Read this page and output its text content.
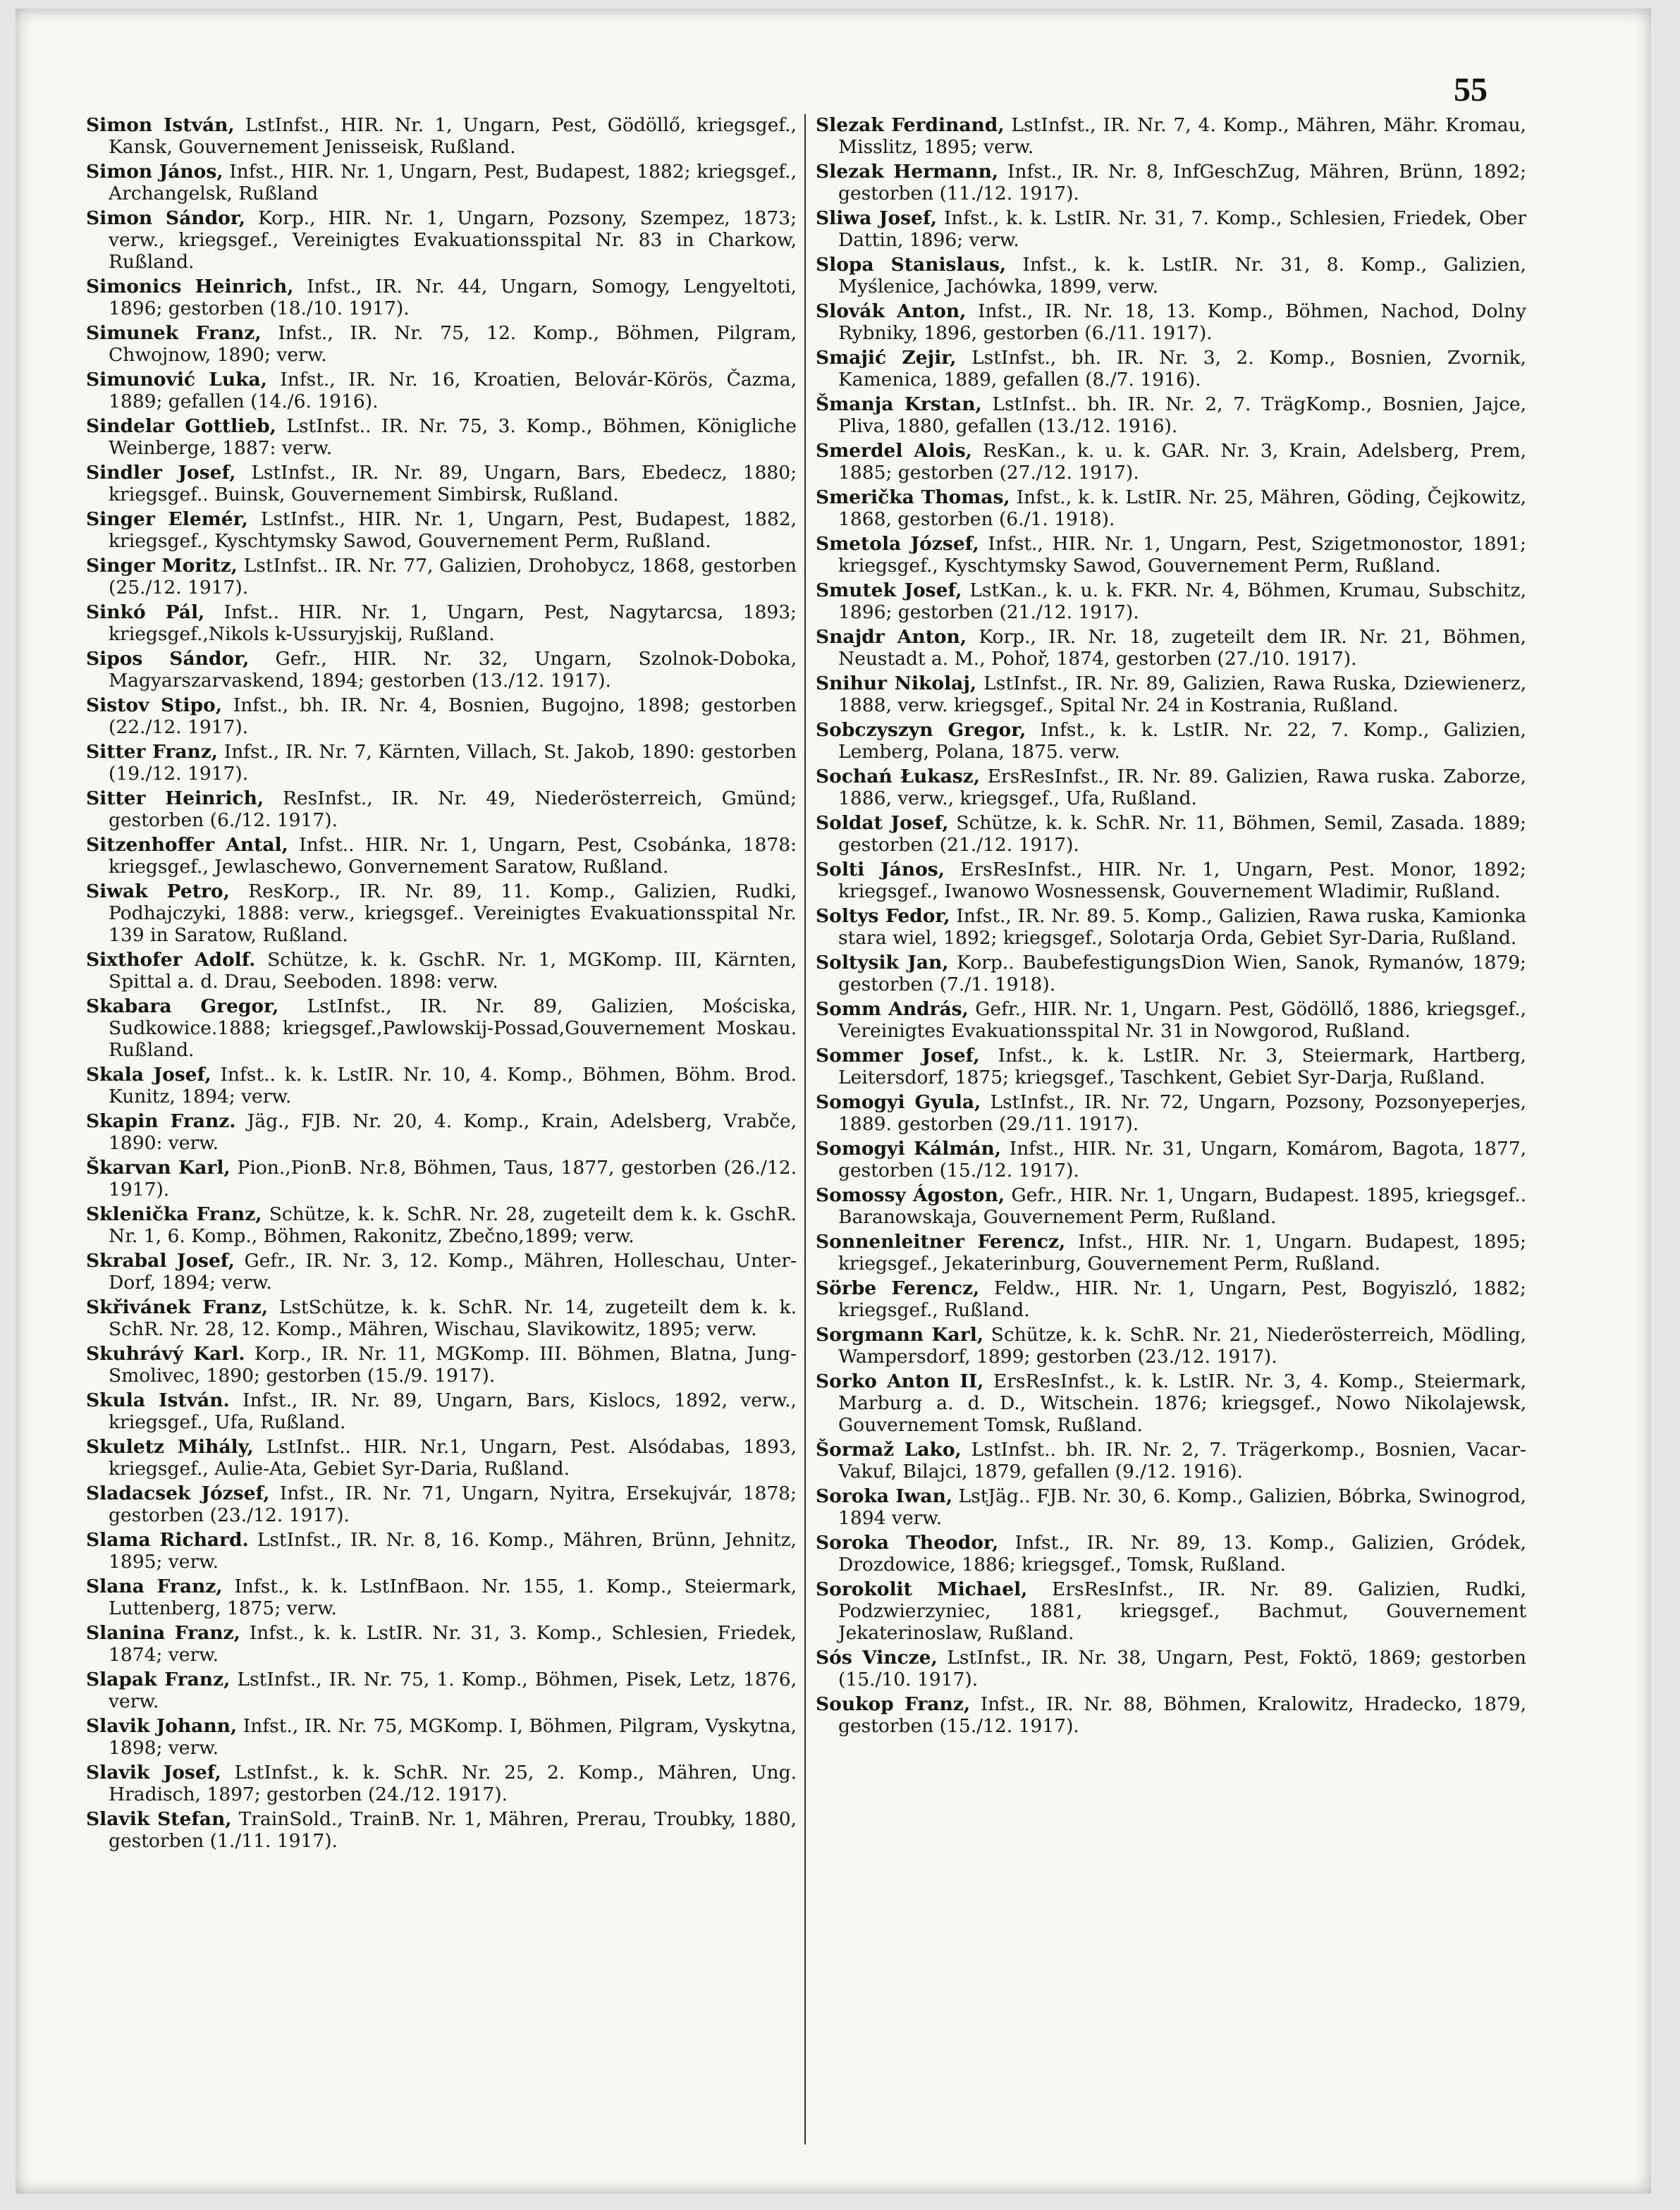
55
Simon István, LstInfst., HIR. Nr. 1, Ungarn, Pest, Gödöllő, kriegsgef., Kansk, Gouvernement Jenisseisk, Rußland.
Simon János, Infst., HIR. Nr. 1, Ungarn, Pest, Budapest, 1882; kriegsgef., Archangelsk, Rußland
Simon Sándor, Korp., HIR. Nr. 1, Ungarn, Pozsony, Szempez, 1873; verw., kriegsgef., Vereinigtes Evakuationsspital Nr. 83 in Charkow, Rußland.
Simonics Heinrich, Infst., IR. Nr. 44, Ungarn, Somogy, Lengyeltoti, 1896; gestorben (18./10. 1917).
Simunek Franz, Infst., IR. Nr. 75, 12. Komp., Böhmen, Pilgram, Chwojnow, 1890; verw.
Simunović Luka, Infst., IR. Nr. 16, Kroatien, Belovár-Körös, Čazma, 1889; gefallen (14./6. 1916).
Sindelar Gottlieb, LstInfst.. IR. Nr. 75, 3. Komp., Böhmen, Königliche Weinberge, 1887: verw.
Sindler Josef, LstInfst., IR. Nr. 89, Ungarn, Bars, Ebedecz, 1880; kriegsgef.. Buinsk, Gouvernement Simbirsk, Rußland.
Singer Elemér, LstInfst., HIR. Nr. 1, Ungarn, Pest, Budapest, 1882, kriegsgef., Kyschtymsky Sawod, Gouvernement Perm, Rußland.
Singer Moritz, LstInfst.. IR. Nr. 77, Galizien, Drohobycz, 1868, gestorben (25./12. 1917).
Sinkó Pál, Infst.. HIR. Nr. 1, Ungarn, Pest, Nagytarcsa, 1893; kriegsgef.,Nikols k-Ussuryjskij, Rußland.
Sipos Sándor, Gefr., HIR. Nr. 32, Ungarn, Szolnok-Doboka, Magyarszarvaskend, 1894; gestorben (13./12. 1917).
Sistov Stipo, Infst., bh. IR. Nr. 4, Bosnien, Bugojno, 1898; gestorben (22./12. 1917).
Sitter Franz, Infst., IR. Nr. 7, Kärnten, Villach, St. Jakob, 1890: gestorben (19./12. 1917).
Sitter Heinrich, ResInfst., IR. Nr. 49, Niederösterreich, Gmünd; gestorben (6./12. 1917).
Sitzenhoffer Antal, Infst.. HIR. Nr. 1, Ungarn, Pest, Csobánka, 1878: kriegsgef., Jewlaschewo, Gonvernement Saratow, Rußland.
Siwak Petro, ResKorp., IR. Nr. 89, 11. Komp., Galizien, Rudki, Podhajczyki, 1888: verw., kriegsgef.. Vereinigtes Evakuationsspital Nr. 139 in Saratow, Rußland.
Sixthofer Adolf. Schütze, k. k. GschR. Nr. 1, MGKomp. III, Kärnten, Spittal a. d. Drau, Seeboden. 1898: verw.
Skabara Gregor, LstInfst., IR. Nr. 89, Galizien, Mościska, Sudkowice.1888; kriegsgef.,Pawlowskij-Possad,Gouvernement Moskau. Rußland.
Skala Josef, Infst.. k. k. LstIR. Nr. 10, 4. Komp., Böhmen, Böhm. Brod. Kunitz, 1894; verw.
Skapin Franz. Jäg., FJB. Nr. 20, 4. Komp., Krain, Adelsberg, Vrabče, 1890: verw.
Škarvan Karl, Pion.,PionB. Nr.8, Böhmen, Taus, 1877, gestorben (26./12. 1917).
Sklenička Franz, Schütze, k. k. SchR. Nr. 28, zugeteilt dem k. k. GschR. Nr. 1, 6. Komp., Böhmen, Rakonitz, Zbečno,1899; verw.
Skrabal Josef, Gefr., IR. Nr. 3, 12. Komp., Mähren, Holleschau, Unter-Dorf, 1894; verw.
Skřivánek Franz, LstSchütze, k. k. SchR. Nr. 14, zugeteilt dem k. k. SchR. Nr. 28, 12. Komp., Mähren, Wischau, Slavikowitz, 1895; verw.
Skuhrávý Karl. Korp., IR. Nr. 11, MGKomp. III. Böhmen, Blatna, Jung-Smolivec, 1890; gestorben (15./9. 1917).
Skula István. Infst., IR. Nr. 89, Ungarn, Bars, Kislocs, 1892, verw., kriegsgef., Ufa, Rußland.
Skuletz Mihály, LstInfst.. HIR. Nr.1, Ungarn, Pest. Alsódabas, 1893, kriegsgef., Aulie-Ata, Gebiet Syr-Daria, Rußland.
Sladacsek József, Infst., IR. Nr. 71, Ungarn, Nyitra, Ersekujvár, 1878; gestorben (23./12. 1917).
Slama Richard. LstInfst., IR. Nr. 8, 16. Komp., Mähren, Brünn, Jehnitz, 1895; verw.
Slana Franz, Infst., k. k. LstInfBaon. Nr. 155, 1. Komp., Steiermark, Luttenberg, 1875; verw.
Slanina Franz, Infst., k. k. LstIR. Nr. 31, 3. Komp., Schlesien, Friedek, 1874; verw.
Slapak Franz, LstInfst., IR. Nr. 75, 1. Komp., Böhmen, Pisek, Letz, 1876, verw.
Slavik Johann, Infst., IR. Nr. 75, MGKomp. I, Böhmen, Pilgram, Vyskytna, 1898; verw.
Slavik Josef, LstInfst., k. k. SchR. Nr. 25, 2. Komp., Mähren, Ung. Hradisch, 1897; gestorben (24./12. 1917).
Slavik Stefan, TrainSold., TrainB. Nr. 1, Mähren, Prerau, Troubky, 1880, gestorben (1./11. 1917).
Slezak Ferdinand, LstInfst., IR. Nr. 7, 4. Komp., Mähren, Mähr. Kromau, Misslitz, 1895; verw.
Slezak Hermann, Infst., IR. Nr. 8, InfGeschZug, Mähren, Brünn, 1892; gestorben (11./12. 1917).
Sliwa Josef, Infst., k. k. LstIR. Nr. 31, 7. Komp., Schlesien, Friedek, Ober Dattin, 1896; verw.
Slopa Stanislaus, Infst., k. k. LstIR. Nr. 31, 8. Komp., Galizien, Myślenice, Jachówka, 1899, verw.
Slovák Anton, Infst., IR. Nr. 18, 13. Komp., Böhmen, Nachod, Dolny Rybniky, 1896, gestorben (6./11. 1917).
Smajić Zejir, LstInfst., bh. IR. Nr. 3, 2. Komp., Bosnien, Zvornik, Kamenica, 1889, gefallen (8./7. 1916).
Šmanja Krstan, LstInfst.. bh. IR. Nr. 2, 7. TrägKomp., Bosnien, Jajce, Pliva, 1880, gefallen (13./12. 1916).
Smerdel Alois, ResKan., k. u. k. GAR. Nr. 3, Krain, Adelsberg, Prem, 1885; gestorben (27./12. 1917).
Smerička Thomas, Infst., k. k. LstIR. Nr. 25, Mähren, Göding, Čejkowitz, 1868, gestorben (6./1. 1918).
Smetola József, Infst., HIR. Nr. 1, Ungarn, Pest, Szigetmonostor, 1891; kriegsgef., Kyschtymsky Sawod, Gouvernement Perm, Rußland.
Smutek Josef, LstKan., k. u. k. FKR. Nr. 4, Böhmen, Krumau, Subschitz, 1896; gestorben (21./12. 1917).
Snajdr Anton, Korp., IR. Nr. 18, zugeteilt dem IR. Nr. 21, Böhmen, Neustadt a. M., Pohoř, 1874, gestorben (27./10. 1917).
Snihur Nikolaj, LstInfst., IR. Nr. 89, Galizien, Rawa Ruska, Dziewienerz, 1888, verw. kriegsgef., Spital Nr. 24 in Kostrania, Rußland.
Sobczyszyn Gregor, Infst., k. k. LstIR. Nr. 22, 7. Komp., Galizien, Lemberg, Polana, 1875. verw.
Sochań Łukasz, ErsResInfst., IR. Nr. 89. Galizien, Rawa ruska. Zaborze, 1886, verw., kriegsgef., Ufa, Rußland.
Soldat Josef, Schütze, k. k. SchR. Nr. 11, Böhmen, Semil, Zasada. 1889; gestorben (21./12. 1917).
Solti János, ErsResInfst., HIR. Nr. 1, Ungarn, Pest. Monor, 1892; kriegsgef., Iwanowo Wosnessensk, Gouvernement Wladimir, Rußland.
Soltys Fedor, Infst., IR. Nr. 89. 5. Komp., Galizien, Rawa ruska, Kamionka stara wiel, 1892; kriegsgef., Solotarja Orda, Gebiet Syr-Daria, Rußland.
Soltysik Jan, Korp.. BaubefestigungsDion Wien, Sanok, Rymanów, 1879; gestorben (7./1. 1918).
Somm András, Gefr., HIR. Nr. 1, Ungarn. Pest, Gödöllő, 1886, kriegsgef., Vereinigtes Evakuationsspital Nr. 31 in Nowgorod, Rußland.
Sommer Josef, Infst., k. k. LstIR. Nr. 3, Steiermark, Hartberg, Leitersdorf, 1875; kriegsgef., Taschkent, Gebiet Syr-Darja, Rußland.
Somogyi Gyula, LstInfst., IR. Nr. 72, Ungarn, Pozsony, Pozsonyeperjes, 1889. gestorben (29./11. 1917).
Somogyi Kálmán, Infst., HIR. Nr. 31, Ungarn, Komárom, Bagota, 1877, gestorben (15./12. 1917).
Somossy Ágoston, Gefr., HIR. Nr. 1, Ungarn, Budapest. 1895, kriegsgef.. Baranowskaja, Gouvernement Perm, Rußland.
Sonnenleitner Ferencz, Infst., HIR. Nr. 1, Ungarn. Budapest, 1895; kriegsgef., Jekaterinburg, Gouvernement Perm, Rußland.
Sörbe Ferencz, Feldw., HIR. Nr. 1, Ungarn, Pest, Bogyiszló, 1882; kriegsgef., Rußland.
Sorgmann Karl, Schütze, k. k. SchR. Nr. 21, Niederösterreich, Mödling, Wampersdorf, 1899; gestorben (23./12. 1917).
Sorko Anton II, ErsResInfst., k. k. LstIR. Nr. 3, 4. Komp., Steiermark, Marburg a. d. D., Witschein. 1876; kriegsgef., Nowo Nikolajewsk, Gouvernement Tomsk, Rußland.
Šormaž Lako, LstInfst.. bh. IR. Nr. 2, 7. Trägerkomp., Bosnien, Vacar-Vakuf, Bilajci, 1879, gefallen (9./12. 1916).
Soroka Iwan, LstJäg.. FJB. Nr. 30, 6. Komp., Galizien, Bóbrka, Swinogrod, 1894 verw.
Soroka Theodor, Infst., IR. Nr. 89, 13. Komp., Galizien, Gródek, Drozdowice, 1886; kriegsgef., Tomsk, Rußland.
Sorokolit Michael, ErsResInfst., IR. Nr. 89. Galizien, Rudki, Podzwierzyniec, 1881, kriegsgef., Bachmut, Gouvernement Jekaterinoslaw, Rußland.
Sós Vincze, LstInfst., IR. Nr. 38, Ungarn, Pest, Foktö, 1869; gestorben (15./10. 1917).
Soukop Franz, Infst., IR. Nr. 88, Böhmen, Kralowitz, Hradecko, 1879, gestorben (15./12. 1917).
